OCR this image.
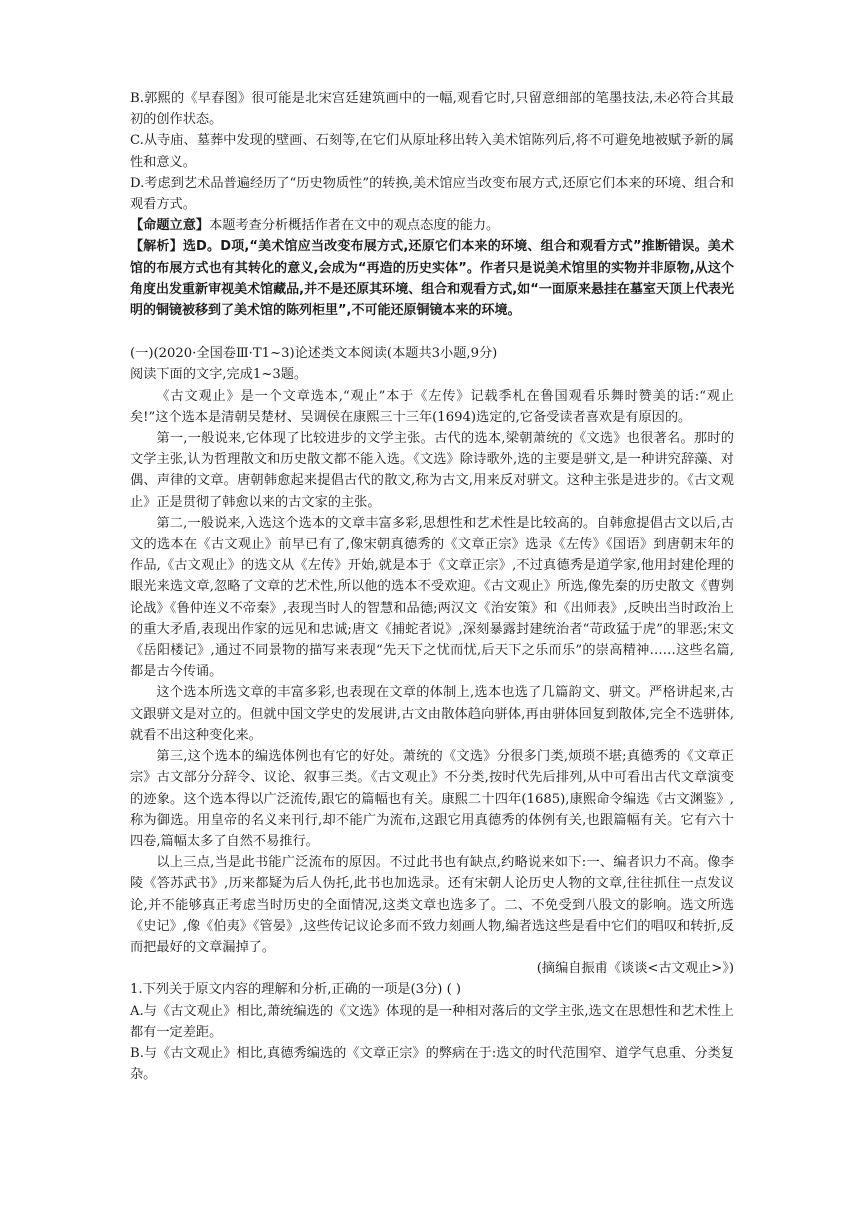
B.郭熙的《早春图》很可能是北宋宫廷建筑画中的一幅,观看它时,只留意细部的笔墨技法,未必符合其最初的创作状态。

C.从寺庙、墓葬中发现的壁画、石刻等,在它们从原址移出转入美术馆陈列后,将不可避免地被赋予新的属性和意义。

D.考虑到艺术品普遍经历了“历史物质性”的转换,美术馆应当改变布展方式,还原它们本来的环境、组合和观看方式。

【命题立意】本题考查分析概括作者在文中的观点态度的能力。

【解析】选D。D项,“美术馆应当改变布展方式,还原它们本来的环境、组合和观看方式”推断错误。美术馆的布展方式也有其转化的意义,会成为“再造的历史实体”。作者只是说美术馆里的实物并非原物,从这个角度出发重新审视美术馆藏品,并不是还原其环境、组合和观看方式,如“一面原来悬挂在墓室天顶上代表光明的铜镜被移到了美术馆的陈列柜里”,不可能还原铜镜本来的环境。

(一)(2020·全国卷Ⅲ·T1~3)论述类文本阅读(本题共3小题,9分)

阅读下面的文字,完成1~3题。

《古文观止》是一个文章选本,“观止”本于《左传》记载季札在鲁国观看乐舞时赞美的话:“观止矣!”这个选本是清朝吴楚材、吴调侯在康熙三十三年(1694)选定的,它备受读者喜欢是有原因的。

第一,一般说来,它体现了比较进步的文学主张。古代的选本,梁朝萧统的《文选》也很著名。那时的文学主张,认为哲理散文和历史散文都不能入选。《文选》除诗歌外,选的主要是骈文,是一种讲究辞藻、对偶、声律的文章。唐朝韩愈起来提倡古代的散文,称为古文,用来反对骈文。这种主张是进步的。《古文观止》正是贯彻了韩愈以来的古文家的主张。

第二,一般说来,入选这个选本的文章丰富多彩,思想性和艺术性是比较高的。自韩愈提倡古文以后,古文的选本在《古文观止》前早已有了,像宋朝真德秀的《文章正宗》选录《左传》《国语》到唐朝末年的作品,《古文观止》的选文从《左传》开始,就是本于《文章正宗》,不过真德秀是道学家,他用封建伦理的眼光来选文章,忽略了文章的艺术性,所以他的选本不受欢迎。《古文观止》所选,像先秦的历史散文《曹刿论战》《鲁仲连义不帝秦》,表现当时人的智慧和品德;两汉文《治安策》和《出师表》,反映出当时政治上的重大矛盾,表现出作家的远见和忠诚;唐文《捕蛇者说》,深刻暴露封建统治者“苛政猛于虎”的罪恶;宋文《岳阳楼记》,通过不同景物的描写来表现“先天下之忧而忧,后天下之乐而乐”的崇高精神……这些名篇,都是古今传诵。

这个选本所选文章的丰富多彩,也表现在文章的体制上,选本也选了几篇韵文、骈文。严格讲起来,古文跟骈文是对立的。但就中国文学史的发展讲,古文由散体趋向骈体,再由骈体回复到散体,完全不选骈体,就看不出这种变化来。

第三,这个选本的编选体例也有它的好处。萧统的《文选》分很多门类,烦琐不堪;真德秀的《文章正宗》古文部分分辞令、议论、叙事三类。《古文观止》不分类,按时代先后排列,从中可看出古代文章演变的迹象。这个选本得以广泛流传,跟它的篇幅也有关。康熙二十四年(1685),康熙命令编选《古文渊鉴》,称为御选。用皇帝的名义来刊行,却不能广为流布,这跟它用真德秀的体例有关,也跟篇幅有关。它有六十四卷,篇幅太多了自然不易推行。

以上三点,当是此书能广泛流布的原因。不过此书也有缺点,约略说来如下:一、编者识力不高。像李陵《答苏武书》,历来都疑为后人伪托,此书也加选录。还有宋朝人论历史人物的文章,往往抓住一点发议论,并不能够真正考虑当时历史的全面情况,这类文章也选多了。二、不免受到八股文的影响。选文所选《史记》,像《伯夷》《管晏》,这些传记议论多而不致力刻画人物,编者选这些是看中它们的唱叹和转折,反而把最好的文章漏掉了。

(摘编自振甫《谈谈<古文观止>》)

1.下列关于原文内容的理解和分析,正确的一项是(3分) ( )

A.与《古文观止》相比,萧统编选的《文选》体现的是一种相对落后的文学主张,选文在思想性和艺术性上都有一定差距。

B.与《古文观止》相比,真德秀编选的《文章正宗》的弊病在于:选文的时代范围窄、道学气息重、分类复杂。
